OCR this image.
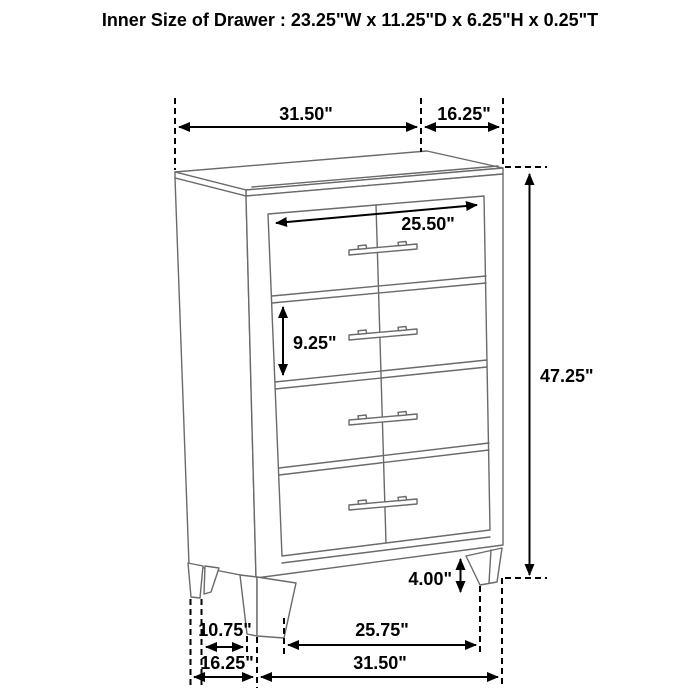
31.50"	16.25"
25.50"
9.25"
47.25"
4.00"
10.75"
16.25"
25.75"
31.50"
Inner Size of Drawer : 23.25"W x 11.25"D x 6.25"H x 0.25"T
